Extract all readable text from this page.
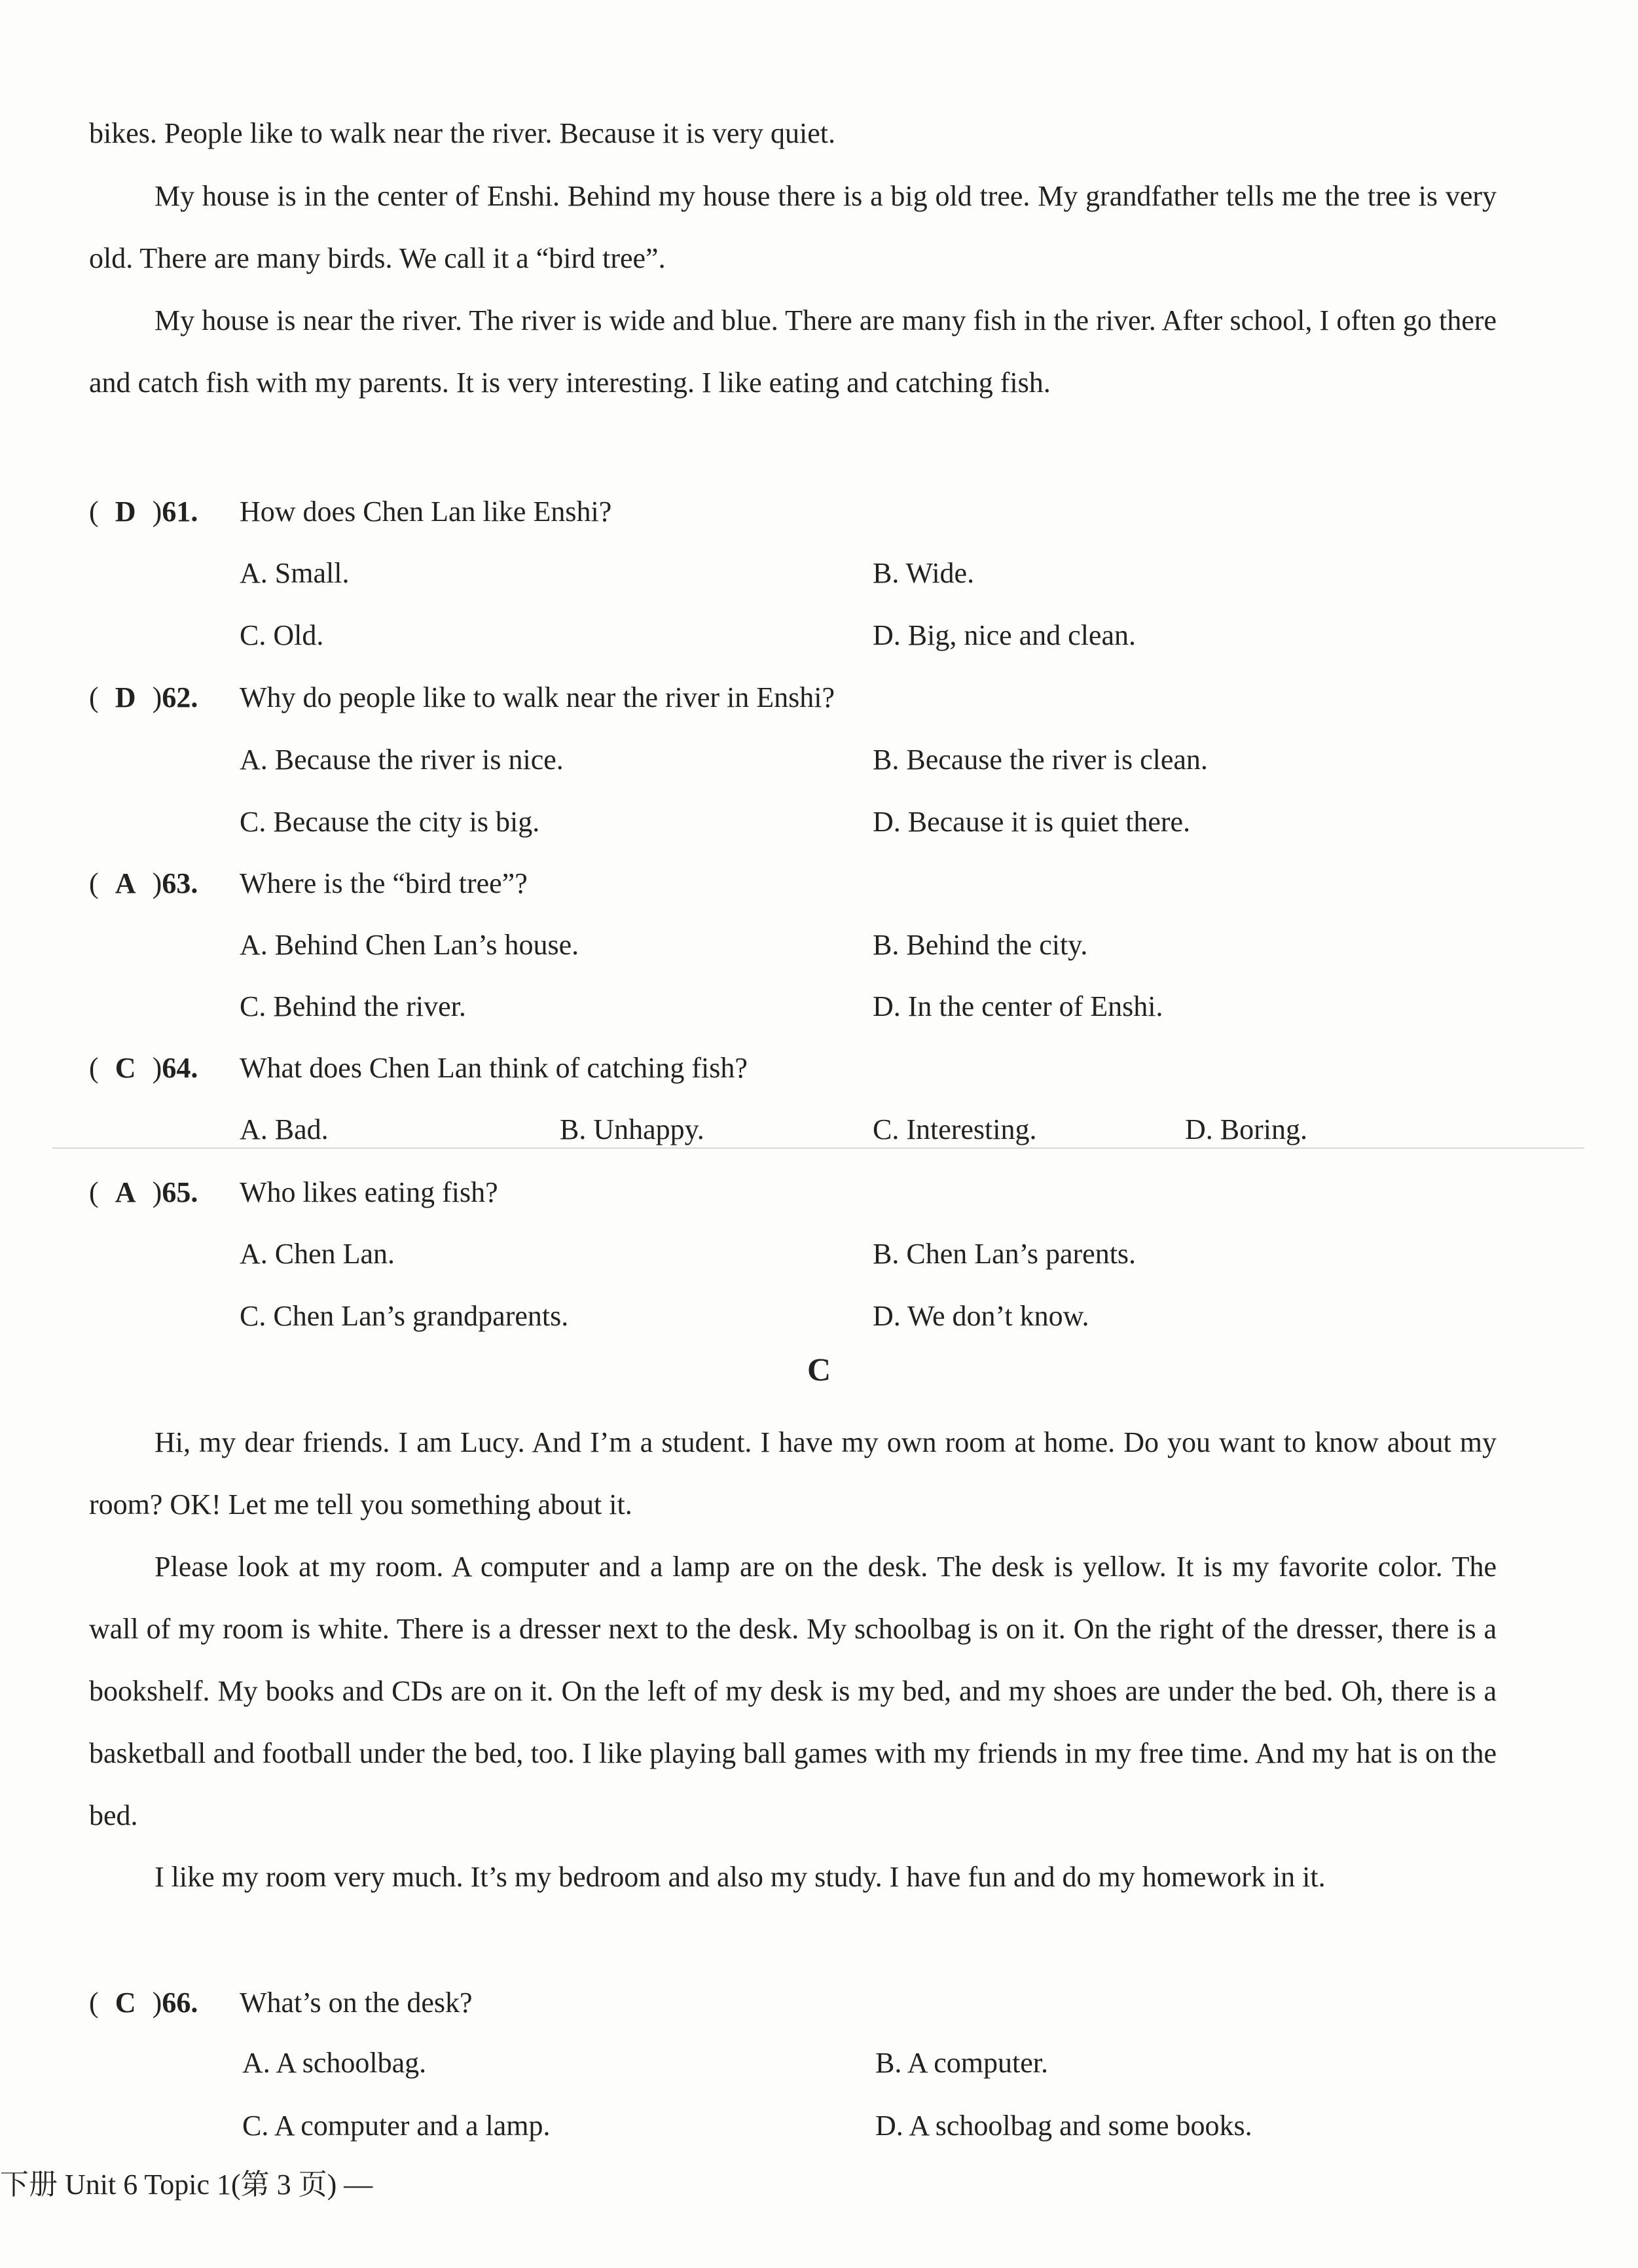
bikes. People like to walk near the river. Because it is very quiet.

My house is in the center of Enshi. Behind my house there is a big old tree. My grandfather tells me the tree is very old. There are many birds. We call it a “bird tree”.

My house is near the river. The river is wide and blue. There are many fish in the river. After school, I often go there and catch fish with my parents. It is very interesting. I like eating and catching fish.

( D )61.	How does Chen Lan like Enshi?
A. Small.	B. Wide.
C. Old.	D. Big, nice and clean.
( D )62.	Why do people like to walk near the river in Enshi?
A. Because the river is nice.	B. Because the river is clean.
C. Because the city is big.	D. Because it is quiet there.
( A )63.	Where is the “bird tree”?
A. Behind Chen Lan’s house.	B. Behind the city.
C. Behind the river.	D. In the center of Enshi.
( C )64.	What does Chen Lan think of catching fish?
A. Bad.	B. Unhappy.	C. Interesting.	D. Boring.
( A )65.	Who likes eating fish?
A. Chen Lan.	B. Chen Lan’s parents.
C. Chen Lan’s grandparents.	D. We don’t know.
C

Hi, my dear friends. I am Lucy. And I’m a student. I have my own room at home. Do you want to know about my room? OK! Let me tell you something about it.

Please look at my room. A computer and a lamp are on the desk. The desk is yellow. It is my favorite color. The wall of my room is white. There is a dresser next to the desk. My schoolbag is on it. On the right of the dresser, there is a bookshelf. My books and CDs are on it. On the left of my desk is my bed, and my shoes are under the bed. Oh, there is a basketball and football under the bed, too. I like playing ball games with my friends in my free time. And my hat is on the bed.

I like my room very much. It’s my bedroom and also my study. I have fun and do my homework in it.

( C )66.	What’s on the desk?
A. A schoolbag.	B. A computer.
C. A computer and a lamp.	D. A schoolbag and some books.
下册 Unit 6 Topic 1(第 3 页) —
